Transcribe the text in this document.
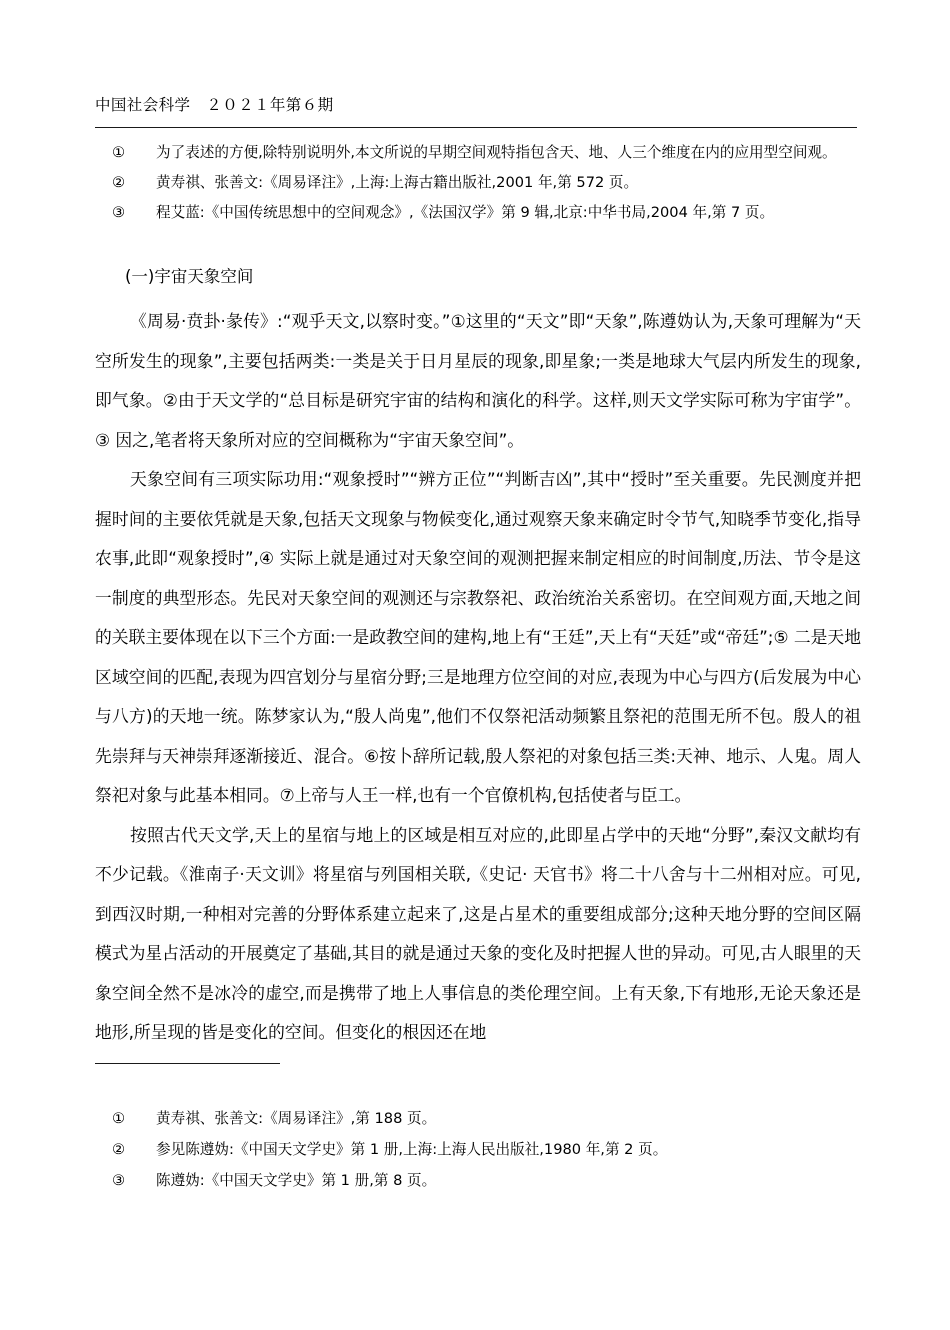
中国社会科学　２０２１年第６期
①	为了表述的方便,除特别说明外,本文所说的早期空间观特指包含天、地、人三个维度在内的应用型空间观。
②	黄寿祺、张善文:《周易译注》,上海:上海古籍出版社,2001 年,第 572 页。
③	程艾蓝:《中国传统思想中的空间观念》,《法国汉学》第 9 辑,北京:中华书局,2004 年,第 7 页。
(一)宇宙天象空间

《周易·贲卦·彖传》:“观乎天文,以察时变。”①这里的“天文”即“天象”,陈遵妫认为,天象可理解为“天空所发生的现象”,主要包括两类:一类是关于日月星辰的现象,即星象;一类是地球大气层内所发生的现象,即气象。②由于天文学的“总目标是研究宇宙的结构和演化的科学。这样,则天文学实际可称为宇宙学”。③ 因之,笔者将天象所对应的空间概称为“宇宙天象空间”。

天象空间有三项实际功用:“观象授时”“辨方正位”“判断吉凶”,其中“授时”至关重要。先民测度并把握时间的主要依凭就是天象,包括天文现象与物候变化,通过观察天象来确定时令节气,知晓季节变化,指导农事,此即“观象授时”,④ 实际上就是通过对天象空间的观测把握来制定相应的时间制度,历法、节令是这一制度的典型形态。先民对天象空间的观测还与宗教祭祀、政治统治关系密切。在空间观方面,天地之间的关联主要体现在以下三个方面:一是政教空间的建构,地上有“王廷”,天上有“天廷”或“帝廷”;⑤ 二是天地区域空间的匹配,表现为四宫划分与星宿分野;三是地理方位空间的对应,表现为中心与四方(后发展为中心与八方)的天地一统。陈梦家认为,“殷人尚鬼”,他们不仅祭祀活动频繁且祭祀的范围无所不包。殷人的祖先崇拜与天神崇拜逐渐接近、混合。⑥按卜辞所记载,殷人祭祀的对象包括三类:天神、地示、人鬼。周人祭祀对象与此基本相同。⑦上帝与人王一样,也有一个官僚机构,包括使者与臣工。

按照古代天文学,天上的星宿与地上的区域是相互对应的,此即星占学中的天地“分野”,秦汉文献均有不少记载。《淮南子·天文训》将星宿与列国相关联,《史记· 天官书》将二十八舍与十二州相对应。可见,到西汉时期,一种相对完善的分野体系建立起来了,这是占星术的重要组成部分;这种天地分野的空间区隔模式为星占活动的开展奠定了基础,其目的就是通过天象的变化及时把握人世的异动。可见,古人眼里的天象空间全然不是冰冷的虚空,而是携带了地上人事信息的类伦理空间。上有天象,下有地形,无论天象还是地形,所呈现的皆是变化的空间。但变化的根因还在地

①	黄寿祺、张善文:《周易译注》,第 188 页。
②	参见陈遵妫:《中国天文学史》第 1 册,上海:上海人民出版社,1980 年,第 2 页。
③	陈遵妫:《中国天文学史》第 1 册,第 8 页。
